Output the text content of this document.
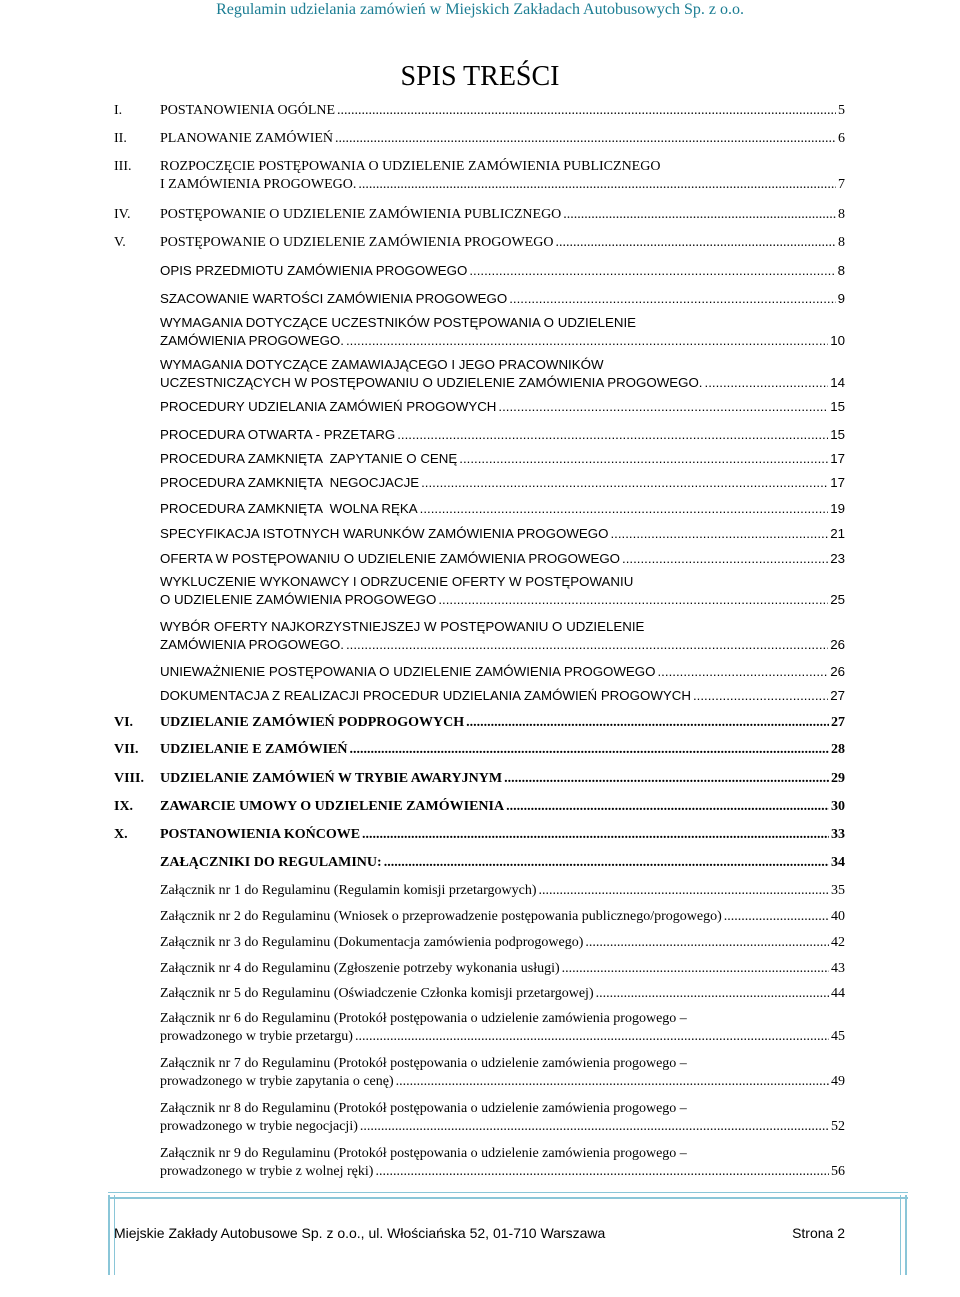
Regulamin udzielania zamówień w Miejskich Zakładach Autobusowych Sp. z o.o.
SPIS TREŚCI
I.	POSTANOWIENIA OGÓLNE .....	5
II. PLANOWANIE ZAMÓWIEŃ .....	6
III. ROZPOCZĘCIE POSTĘPOWANIA O UDZIELENIE ZAMÓWIENIA PUBLICZNEGO
I ZAMÓWIENIA PROGOWEGO. .....	7
IV. POSTĘPOWANIE O UDZIELENIE ZAMÓWIENIA PUBLICZNEGO .....	8
V. POSTĘPOWANIE O UDZIELENIE ZAMÓWIENIA PROGOWEGO .....	8
OPIS PRZEDMIOTU ZAMÓWIENIA PROGOWEGO .....	8
SZACOWANIE WARTOŚCI ZAMÓWIENIA PROGOWEGO .....	9
WYMAGANIA DOTYCZĄCE UCZESTNIKÓW POSTĘPOWANIA O UDZIELENIE
ZAMÓWIENIA PROGOWEGO. .....	10
WYMAGANIA DOTYCZĄCE ZAMAWIAJĄCEGO I JEGO PRACOWNIKÓW
UCZESTNICZĄCYCH W POSTĘPOWANIU O UDZIELENIE ZAMÓWIENIA PROGOWEGO. .....	14
PROCEDURY UDZIELANIA ZAMÓWIEŃ PROGOWYCH .....	15
PROCEDURA OTWARTA - PRZETARG .....	15
PROCEDURA ZAMKNIĘTA  ZAPYTANIE O CENĘ .....	17
PROCEDURA ZAMKNIĘTA  NEGOCJACJE .....	17
PROCEDURA ZAMKNIĘTA  WOLNA RĘKA .....	19
SPECYFIKACJA ISTOTNYCH WARUNKÓW ZAMÓWIENIA PROGOWEGO .....	21
OFERTA W POSTĘPOWANIU O UDZIELENIE ZAMÓWIENIA PROGOWEGO .....	23
WYKLUCZENIE WYKONAWCY I ODRZUCENIE OFERTY W POSTĘPOWANIU
O UDZIELENIE ZAMÓWIENIA PROGOWEGO .....	25
WYBÓR OFERTY NAJKORZYSTNIEJSZEJ W POSTĘPOWANIU O UDZIELENIE
ZAMÓWIENIA PROGOWEGO. .....	26
UNIEWAŻNIENIE POSTĘPOWANIA O UDZIELENIE ZAMÓWIENIA PROGOWEGO .....	26
DOKUMENTACJA Z REALIZACJI PROCEDUR UDZIELANIA ZAMÓWIEŃ PROGOWYCH .....	27
VI. UDZIELANIE ZAMÓWIEŃ PODPROGOWYCH .....	27
VII. UDZIELANIE E ZAMÓWIEŃ .....	28
VIII. UDZIELANIE ZAMÓWIEŃ W TRYBIE AWARYJNYM .....	29
IX. ZAWARCIE UMOWY O UDZIELENIE ZAMÓWIENIA .....	30
X. POSTANOWIENIA KOŃCOWE .....	33
ZAŁĄCZNIKI DO REGULAMINU: .....	34
Załącznik nr 1 do Regulaminu (Regulamin komisji przetargowych) .....	35
Załącznik nr 2 do Regulaminu (Wniosek o przeprowadzenie postępowania publicznego/progowego) .....	40
Załącznik nr 3 do Regulaminu (Dokumentacja zamówienia podprogowego) .....	42
Załącznik nr 4 do Regulaminu (Zgłoszenie potrzeby wykonania usługi) .....	43
Załącznik nr 5 do Regulaminu (Oświadczenie Członka komisji przetargowej) .....	44
Załącznik nr 6 do Regulaminu (Protokół postępowania o udzielenie zamówienia progowego –
prowadzonego w trybie przetargu) .....	45
Załącznik nr 7 do Regulaminu (Protokół postępowania o udzielenie zamówienia progowego –
prowadzonego w trybie zapytania o cenę) .....	49
Załącznik nr 8 do Regulaminu (Protokół postępowania o udzielenie zamówienia progowego –
prowadzonego w trybie negocjacji) .....	52
Załącznik nr 9 do Regulaminu (Protokół postępowania o udzielenie zamówienia progowego –
prowadzonego w trybie z wolnej ręki) .....	56
Miejskie Zakłady Autobusowe Sp. z o.o., ul. Włościańska 52, 01-710 Warszawa	Strona 2
